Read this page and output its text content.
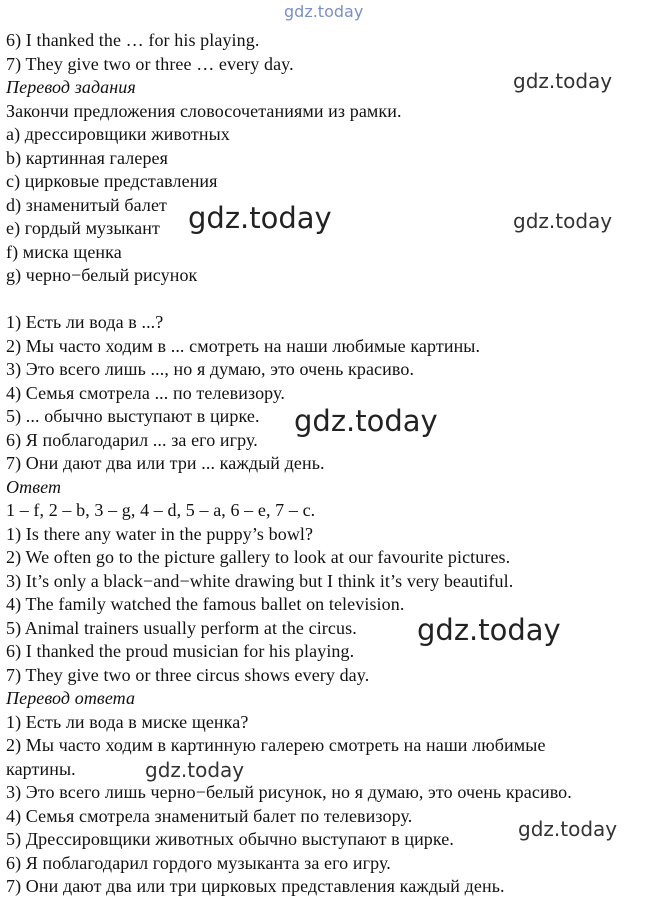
gdz.today
gdz.today
gdz.today
gdz.today
gdz.today
gdz.today
gdz.today
gdz.today
6) I thanked the … for his playing.
7) They give two or three … every day.
Перевод задания
Закончи предложения словосочетаниями из рамки.
a) дрессировщики животных
b) картинная галерея
c) цирковые представления
d) знаменитый балет
e) гордый музыкант
f) миска щенка
g) черно−белый рисунок
1) Есть ли вода в ...?
2) Мы часто ходим в ... смотреть на наши любимые картины.
3) Это всего лишь ..., но я думаю, это очень красиво.
4) Семья смотрела ... по телевизору.
5) ... обычно выступают в цирке.
6) Я поблагодарил ... за его игру.
7) Они дают два или три ... каждый день.
Ответ
1 – f, 2 – b, 3 – g, 4 – d, 5 – a, 6 – e, 7 – c.
1) Is there any water in the puppy’s bowl?
2) We often go to the picture gallery to look at our favourite pictures.
3) It’s only a black−and−white drawing but I think it’s very beautiful.
4) The family watched the famous ballet on television.
5) Animal trainers usually perform at the circus.
6) I thanked the proud musician for his playing.
7) They give two or three circus shows every day.
Перевод ответа
1) Есть ли вода в миске щенка?
2) Мы часто ходим в картинную галерею смотреть на наши любимые
картины.
3) Это всего лишь черно−белый рисунок, но я думаю, это очень красиво.
4) Семья смотрела знаменитый балет по телевизору.
5) Дрессировщики животных обычно выступают в цирке.
6) Я поблагодарил гордого музыканта за его игру.
7) Они дают два или три цирковых представления каждый день.
